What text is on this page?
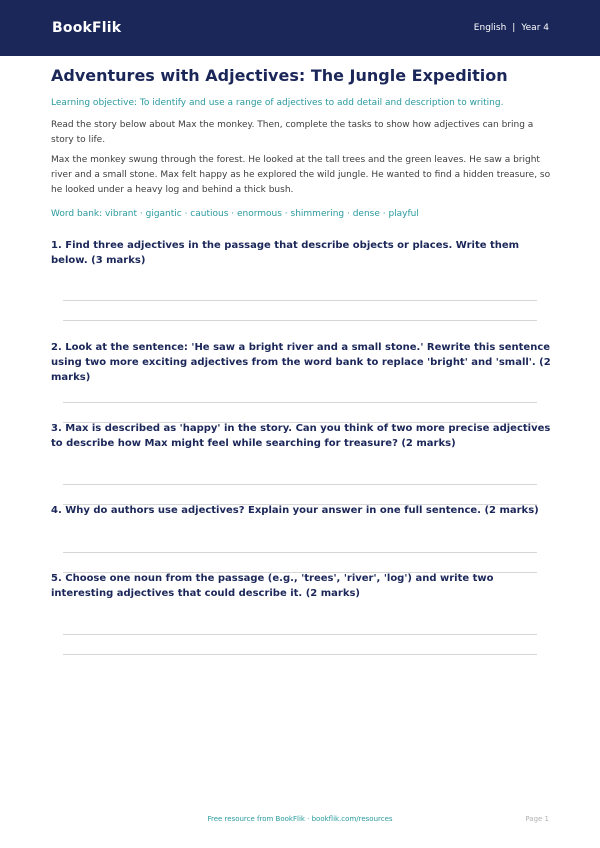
BookFlik	English | Year 4
Adventures with Adjectives: The Jungle Expedition
Learning objective: To identify and use a range of adjectives to add detail and description to writing.
Read the story below about Max the monkey. Then, complete the tasks to show how adjectives can bring a story to life.
Max the monkey swung through the forest. He looked at the tall trees and the green leaves. He saw a bright river and a small stone. Max felt happy as he explored the wild jungle. He wanted to find a hidden treasure, so he looked under a heavy log and behind a thick bush.
Word bank: vibrant · gigantic · cautious · enormous · shimmering · dense · playful
1. Find three adjectives in the passage that describe objects or places. Write them below. (3 marks)
2. Look at the sentence: 'He saw a bright river and a small stone.' Rewrite this sentence using two more exciting adjectives from the word bank to replace 'bright' and 'small'. (2 marks)
3. Max is described as 'happy' in the story. Can you think of two more precise adjectives to describe how Max might feel while searching for treasure? (2 marks)
4. Why do authors use adjectives? Explain your answer in one full sentence. (2 marks)
5. Choose one noun from the passage (e.g., 'trees', 'river', 'log') and write two interesting adjectives that could describe it. (2 marks)
Free resource from BookFlik · bookflik.com/resources	Page 1
